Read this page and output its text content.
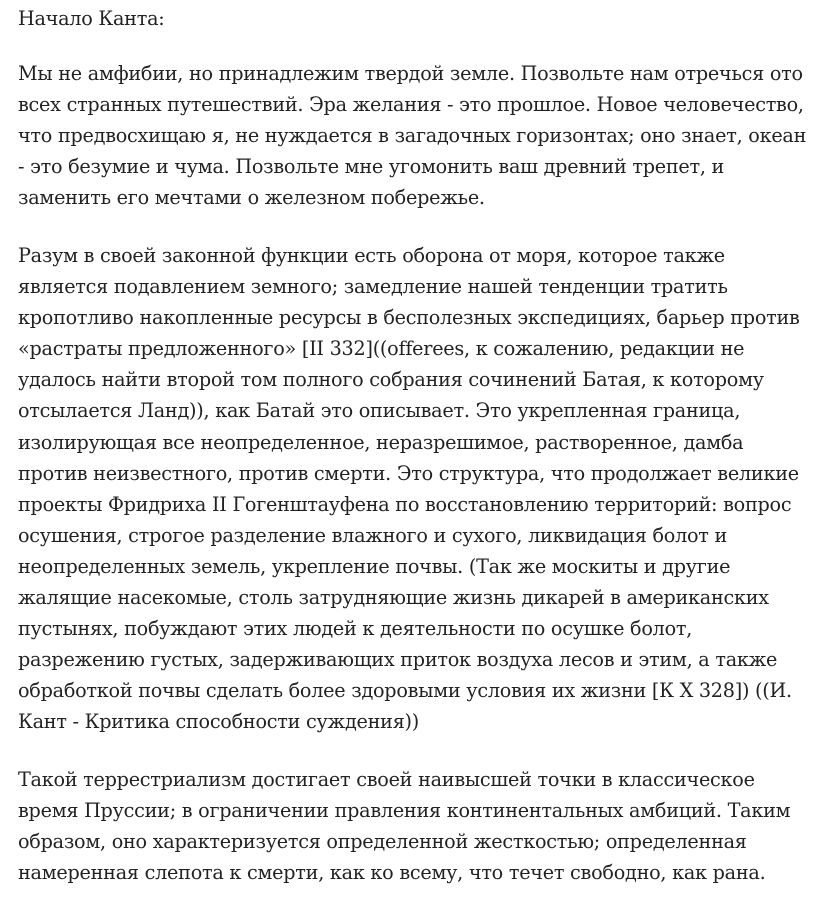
Начало Канта:

Мы не амфибии, но принадлежим твердой земле. Позвольте нам отречься ото всех странных путешествий. Эра желания - это прошлое. Новое человечество, что предвосхищаю я, не нуждается в загадочных горизонтах; оно знает, океан - это безумие и чума. Позвольте мне угомонить ваш древний трепет, и заменить его мечтами о железном побережье.

Разум в своей законной функции есть оборона от моря, которое также является подавлением земного; замедление нашей тенденции тратить кропотливо накопленные ресурсы в бесполезных экспедициях, барьер против «растраты предложенного» [II 332]((offerees, к сожалению, редакции не удалось найти второй том полного собрания сочинений Батая, к которому отсылается Ланд)), как Батай это описывает. Это укрепленная граница, изолирующая все неопределенное, неразрешимое, растворенное, дамба против неизвестного, против смерти. Это структура, что продолжает великие проекты Фридриха II Гогенштауфена по восстановлению территорий: вопрос осушения, строгое разделение влажного и сухого, ликвидация болот и неопределенных земель, укрепление почвы. (Так же москиты и другие жалящие насекомые, столь затрудняющие жизнь дикарей в американских пустынях, побуждают этих людей к деятельности по осушке болот, разрежению густых, задерживающих приток воздуха лесов и этим, а также обработкой почвы сделать более здоровыми условия их жизни [К X 328]) ((И. Кант - Критика способности суждения))

Такой террестриализм достигает своей наивысшей точки в классическое время Пруссии; в ограничении правления континентальных амбиций. Таким образом, оно характеризуется определенной жесткостью; определенная намеренная слепота к смерти, как ко всему, что течет свободно, как рана.
